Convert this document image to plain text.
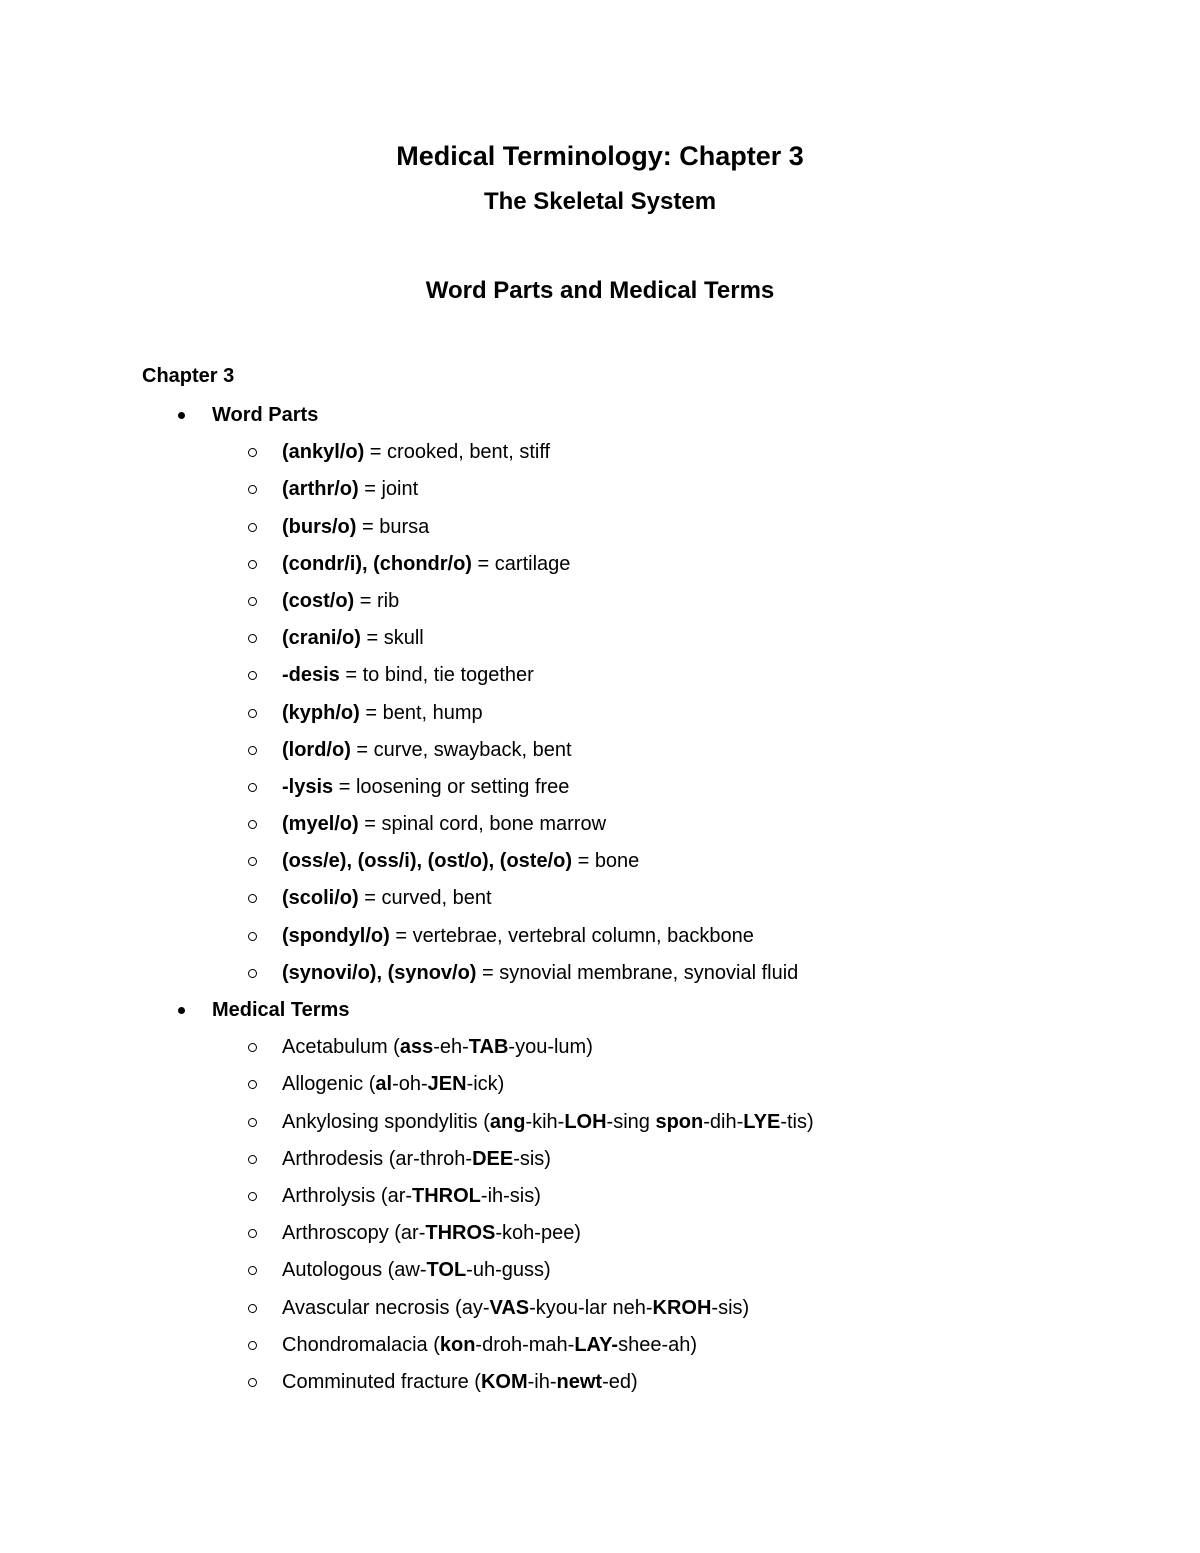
Medical Terminology: Chapter 3
The Skeletal System
Word Parts and Medical Terms

Chapter 3

Word Parts
(ankyl/o) = crooked, bent, stiff
(arthr/o) = joint
(burs/o) = bursa
(condr/i), (chondr/o) = cartilage
(cost/o) = rib
(crani/o) = skull
-desis = to bind, tie together
(kyph/o) = bent, hump
(lord/o) = curve, swayback, bent
-lysis = loosening or setting free
(myel/o) = spinal cord, bone marrow
(oss/e), (oss/i), (ost/o), (oste/o) = bone
(scoli/o) = curved, bent
(spondyl/o) = vertebrae, vertebral column, backbone
(synovi/o), (synov/o) = synovial membrane, synovial fluid
Medical Terms
Acetabulum (ass-eh-TAB-you-lum)
Allogenic (al-oh-JEN-ick)
Ankylosing spondylitis (ang-kih-LOH-sing spon-dih-LYE-tis)
Arthrodesis (ar-throh-DEE-sis)
Arthrolysis (ar-THROL-ih-sis)
Arthroscopy (ar-THROS-koh-pee)
Autologous (aw-TOL-uh-guss)
Avascular necrosis (ay-VAS-kyou-lar neh-KROH-sis)
Chondromalacia (kon-droh-mah-LAY-shee-ah)
Comminuted fracture (KOM-ih-newt-ed)
